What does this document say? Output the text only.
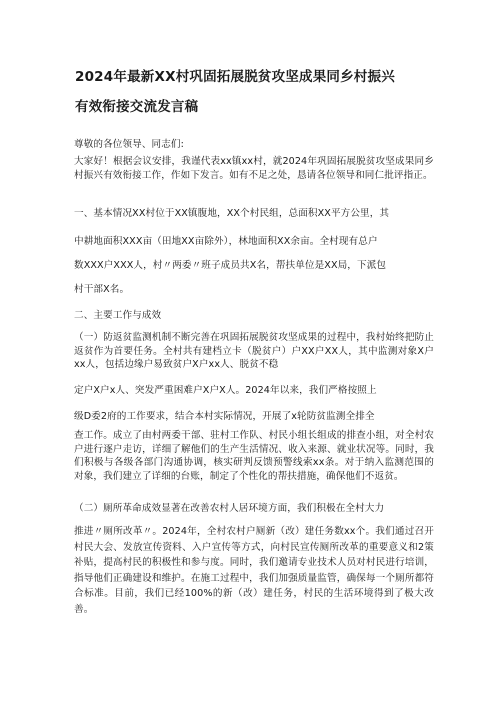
2024年最新XX村巩固拓展脱贫攻坚成果同乡村振兴
有效衔接交流发言稿
尊敬的各位领导、同志们:
大家好！根据会议安排，我谨代表xx镇xx村，就2024年巩固拓展脱贫攻坚成果同乡村振兴有效衔接工作，作如下发言。如有不足之处，恳请各位领导和同仁批评指正。
一、基本情况XX村位于XX镇腹地，XX个村民组，总面积XX平方公里，其
中耕地面积XXX亩（田地XX亩除外），林地面积XX余亩。全村现有总户
数XXX户XXX人，村〃两委〃班子成员共X名，帮扶单位是XX局，下派包
村干部X名。
二、主要工作与成效
（一）防返贫监测机制不断完善在巩固拓展脱贫攻坚成果的过程中，我村始终把防止返贫作为首要任务。全村共有建档立卡（脱贫户）户XX户XX人，其中监测对象X户xx人，包括边缘户易致贫户X户xx人、脱贫不稳
定户X户x人、突发严重困难户X户X人。2024年以来，我们严格按照上
级D委2府的工作要求，结合本村实际情况，开展了x轮防贫监测全排全
查工作。成立了由村两委干部、驻村工作队、村民小组长组成的排查小组，对全村农户进行逐户走访，详细了解他们的生产生活情况、收入来源、就业状况等。同时，我们积极与各级各部门沟通协调，核实研判反馈预警线索xx条。对于纳入监测范围的对象，我们建立了详细的台账，制定了个性化的帮扶措施，确保他们不返贫。
（二）厕所革命成效显著在改善农村人居环境方面，我们积极在全村大力
推进〃厕所改革〃。2024年，全村农村户厕新（改）建任务数xx个。我们通过召开村民大会、发放宣传资料、入户宣传等方式，向村民宣传厕所改革的重要意义和2策补贴，提高村民的积极性和参与度。同时，我们邀请专业技术人员对村民进行培训，指导他们正确建设和维护。在施工过程中，我们加强质量监管，确保每一个厕所都符合标准。目前，我们已经100%的新（改）建任务，村民的生活环境得到了极大改善。
